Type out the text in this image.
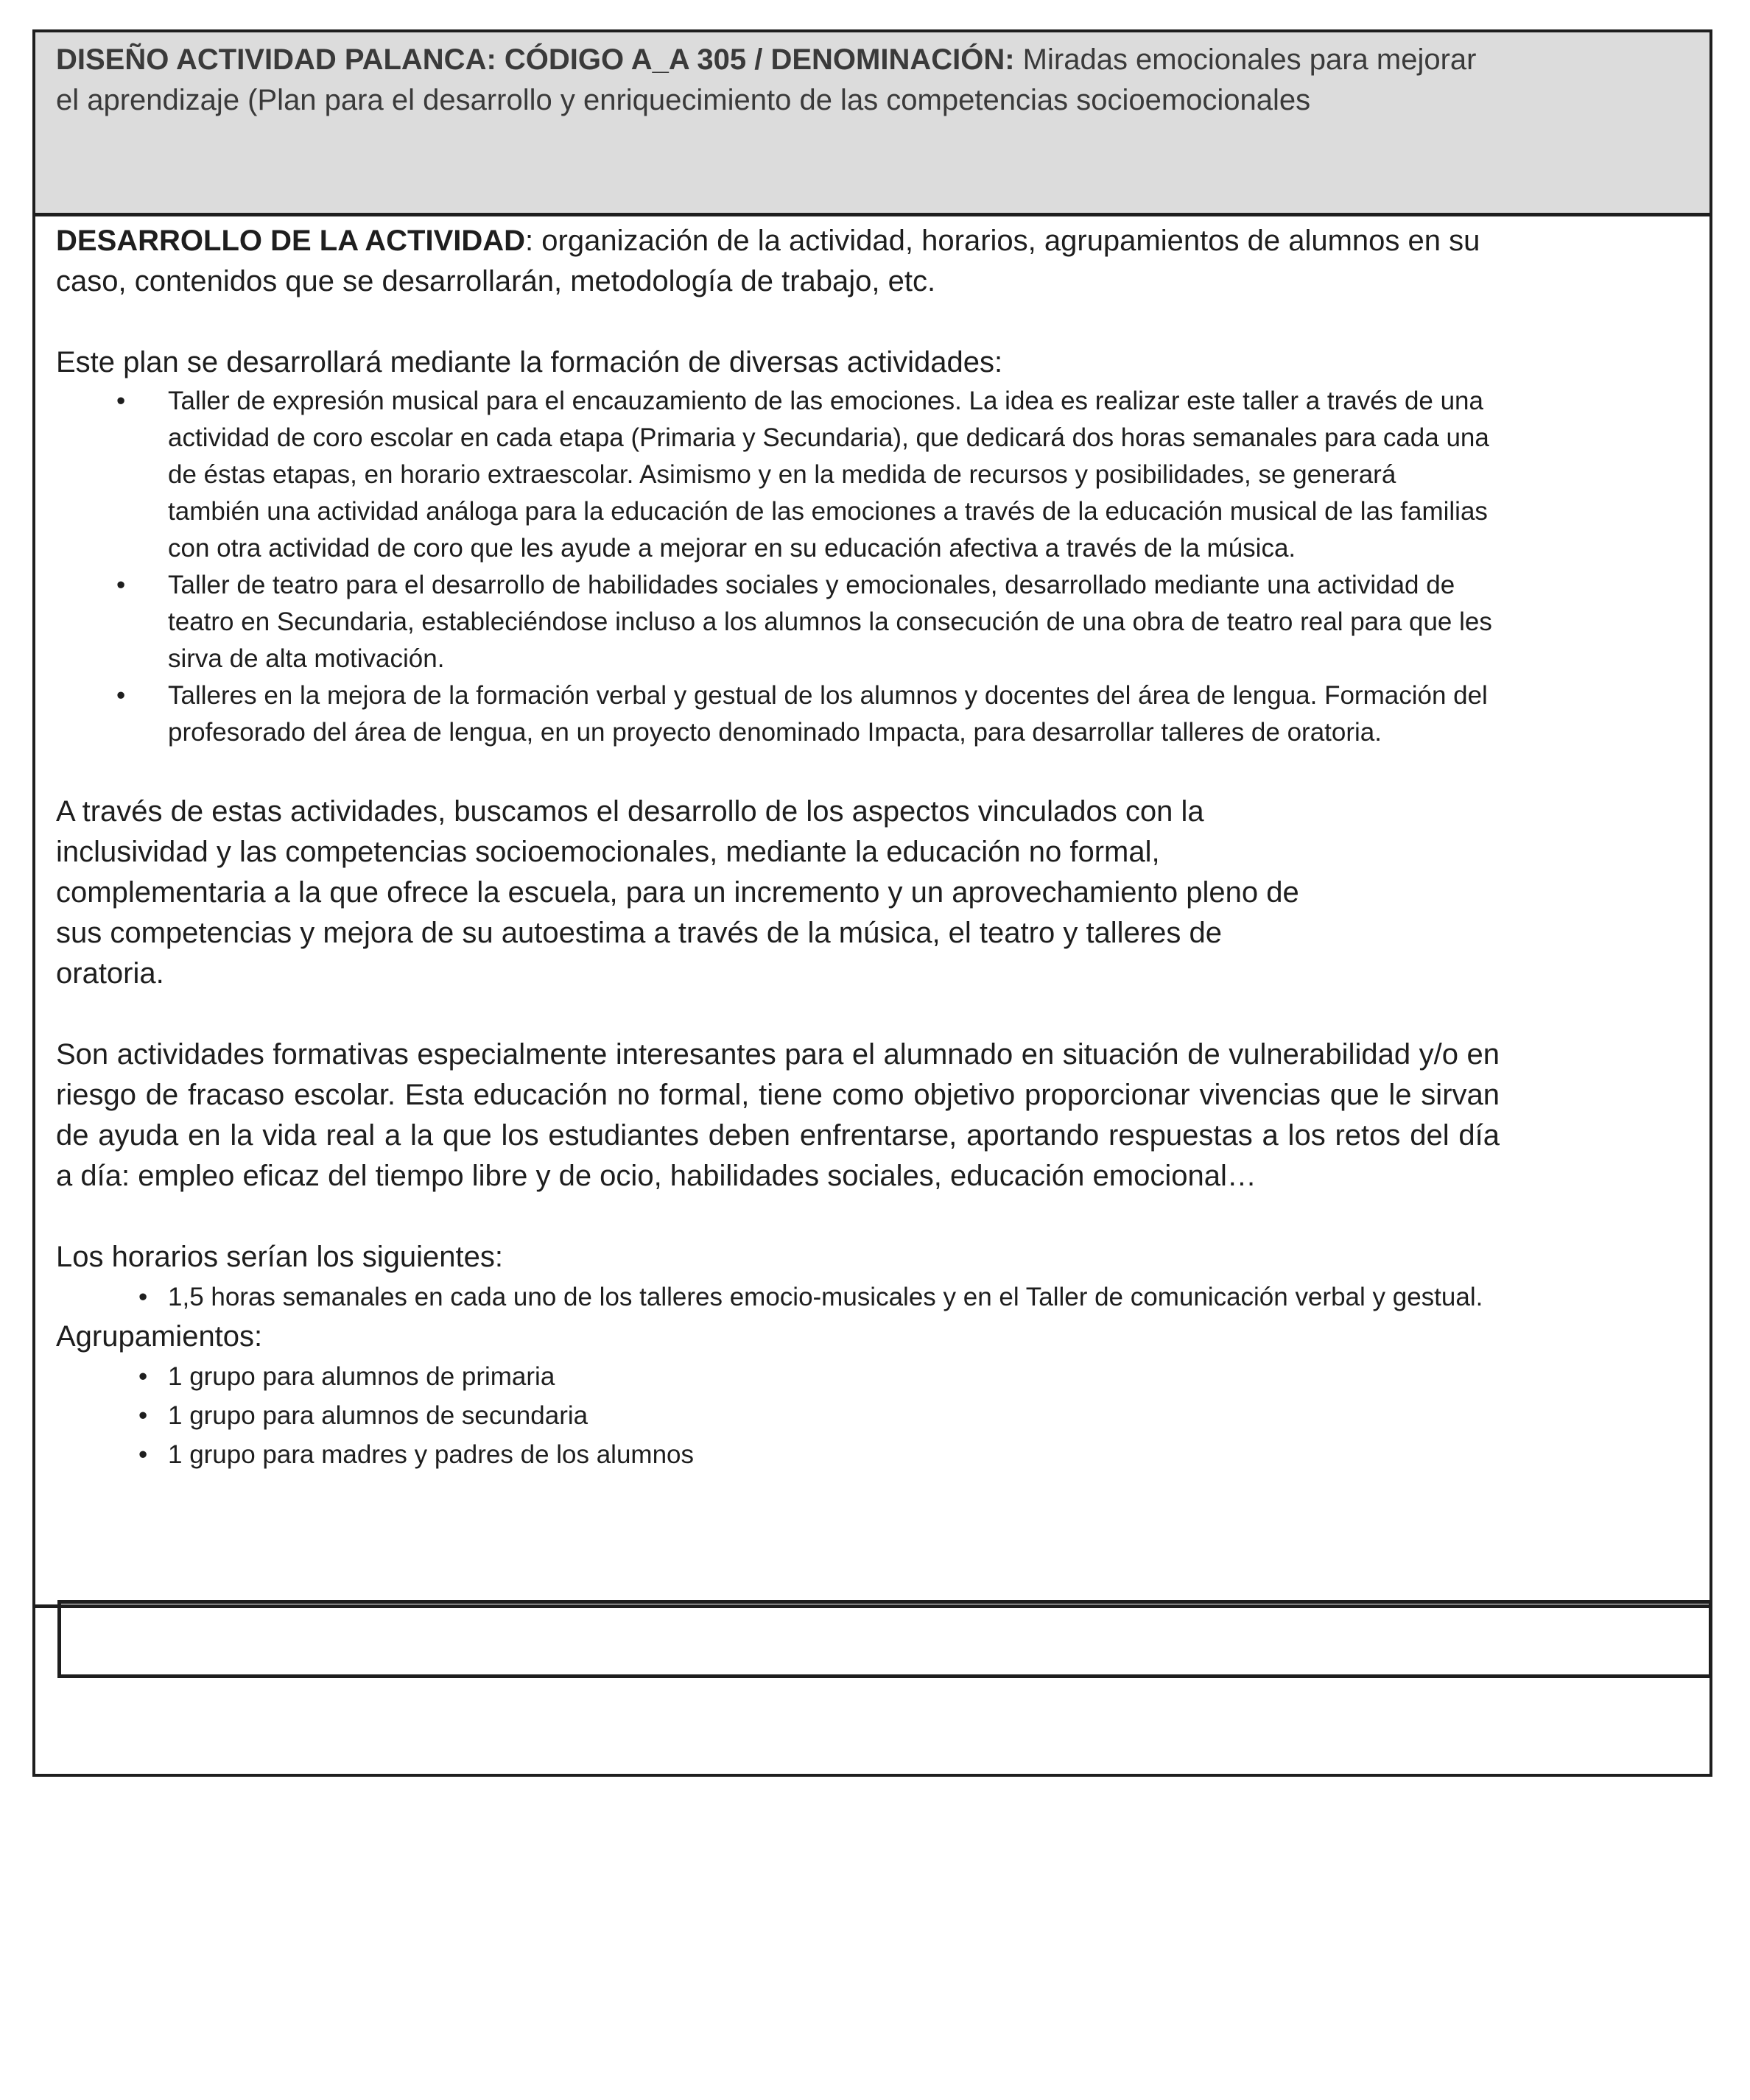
DISEÑO ACTIVIDAD PALANCA: CÓDIGO A_A 305 / DENOMINACIÓN: Miradas emocionales para mejorar el aprendizaje (Plan para el desarrollo y enriquecimiento de las competencias socioemocionales

DESARROLLO DE LA ACTIVIDAD: organización de la actividad, horarios, agrupamientos de alumnos en su caso, contenidos que se desarrollarán, metodología de trabajo, etc.

Este plan se desarrollará mediante la formación de diversas actividades:

• Taller de expresión musical para el encauzamiento de las emociones. La idea es realizar este taller a través de una actividad de coro escolar en cada etapa (Primaria y Secundaria), que dedicará dos horas semanales para cada una de éstas etapas, en horario extraescolar. Asimismo y en la medida de recursos y posibilidades, se generará también una actividad análoga para la educación de las emociones a través de la educación musical de las familias con otra actividad de coro que les ayude a mejorar en su educación afectiva a través de la música.
• Taller de teatro para el desarrollo de habilidades sociales y emocionales, desarrollado mediante una actividad de teatro en Secundaria, estableciéndose incluso a los alumnos la consecución de una obra de teatro real para que les sirva de alta motivación.
• Talleres en la mejora de la formación verbal y gestual de los alumnos y docentes del área de lengua. Formación del profesorado del área de lengua, en un proyecto denominado Impacta, para desarrollar talleres de oratoria.

A través de estas actividades, buscamos el desarrollo de los aspectos vinculados con la inclusividad y las competencias socioemocionales, mediante la educación no formal, complementaria a la que ofrece la escuela, para un incremento y un aprovechamiento pleno de sus competencias y mejora de su autoestima a través de la música, el teatro y talleres de oratoria.

Son actividades formativas especialmente interesantes para el alumnado en situación de vulnerabilidad y/o en riesgo de fracaso escolar. Esta educación no formal, tiene como objetivo proporcionar vivencias que le sirvan de ayuda en la vida real a la que los estudiantes deben enfrentarse, aportando respuestas a los retos del día a día: empleo eficaz del tiempo libre y de ocio, habilidades sociales, educación emocional…

Los horarios serían los siguientes:

• 1,5 horas semanales en cada uno de los talleres emocio-musicales y en el Taller de comunicación verbal y gestual.

Agrupamientos:

• 1 grupo para alumnos de primaria
• 1 grupo para alumnos de secundaria
• 1 grupo para madres y padres de los alumnos
